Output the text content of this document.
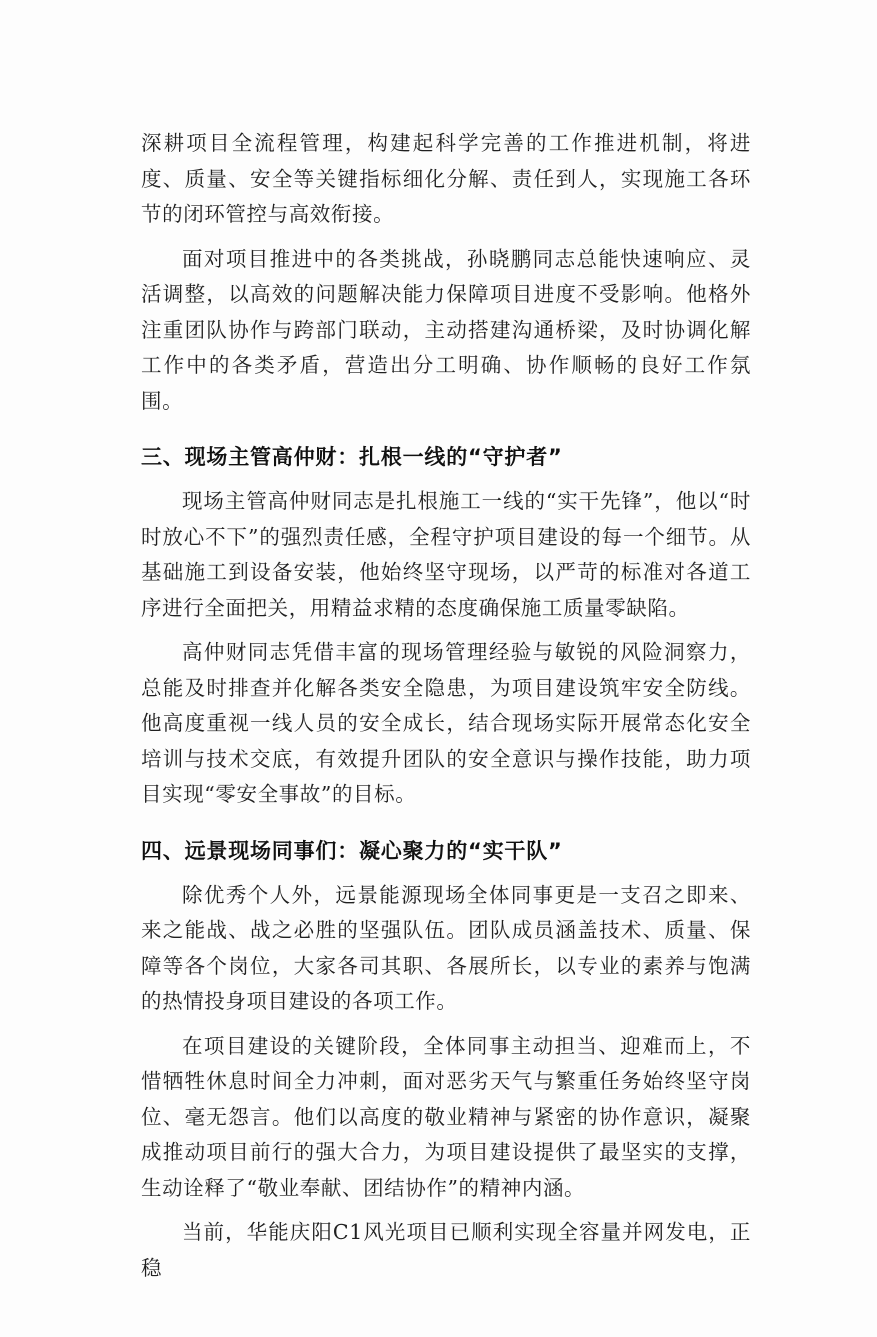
深耕项目全流程管理，构建起科学完善的工作推进机制，将进度、质量、安全等关键指标细化分解、责任到人，实现施工各环节的闭环管控与高效衔接。

面对项目推进中的各类挑战，孙晓鹏同志总能快速响应、灵活调整，以高效的问题解决能力保障项目进度不受影响。他格外注重团队协作与跨部门联动，主动搭建沟通桥梁，及时协调化解工作中的各类矛盾，营造出分工明确、协作顺畅的良好工作氛围。

三、现场主管高仲财：扎根一线的“守护者”

现场主管高仲财同志是扎根施工一线的“实干先锋”，他以“时时放心不下”的强烈责任感，全程守护项目建设的每一个细节。从基础施工到设备安装，他始终坚守现场，以严苛的标准对各道工序进行全面把关，用精益求精的态度确保施工质量零缺陷。

高仲财同志凭借丰富的现场管理经验与敏锐的风险洞察力，总能及时排查并化解各类安全隐患，为项目建设筑牢安全防线。他高度重视一线人员的安全成长，结合现场实际开展常态化安全培训与技术交底，有效提升团队的安全意识与操作技能，助力项目实现“零安全事故”的目标。

四、远景现场同事们：凝心聚力的“实干队”

除优秀个人外，远景能源现场全体同事更是一支召之即来、来之能战、战之必胜的坚强队伍。团队成员涵盖技术、质量、保障等各个岗位，大家各司其职、各展所长，以专业的素养与饱满的热情投身项目建设的各项工作。

在项目建设的关键阶段，全体同事主动担当、迎难而上，不惜牺牲休息时间全力冲刺，面对恶劣天气与繁重任务始终坚守岗位、毫无怨言。他们以高度的敬业精神与紧密的协作意识，凝聚成推动项目前行的强大合力，为项目建设提供了最坚实的支撑，生动诠释了“敬业奉献、团结协作”的精神内涵。

当前，华能庆阳C1风光项目已顺利实现全容量并网发电，正稳
